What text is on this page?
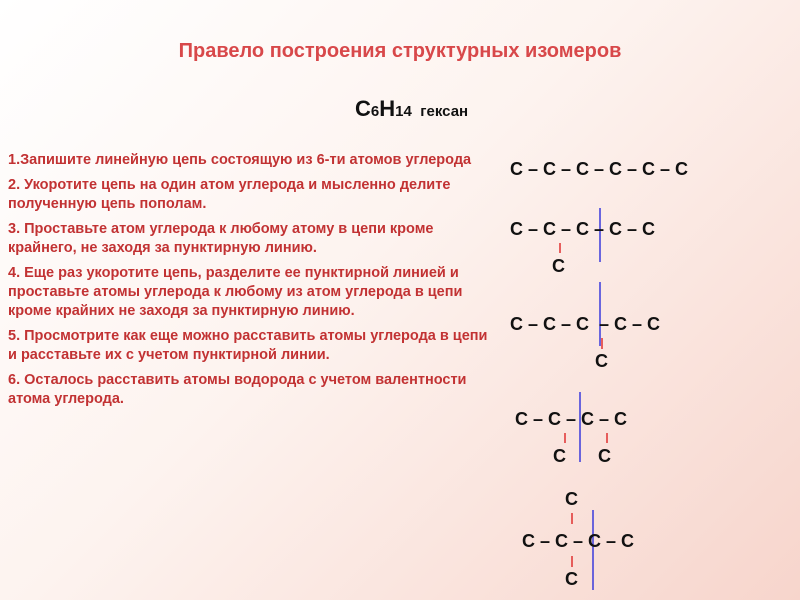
Правело построения структурных изомеров
C6H14 гексан

1.Запишите линейную цепь состоящую из 6-ти атомов углерода

2. Укоротите цепь на один атом углерода и мысленно делите полученную цепь пополам.

3. Проставьте атом углерода к любому атому в цепи кроме крайнего, не заходя за пунктирную линию.

4. Еще раз укоротите цепь, разделите ее пунктирной линией и проставьте атомы углерода к любому из атом углерода в цепи кроме крайних не заходя за пунктирную линию.

5. Просмотрите как еще можно расставить атомы углерода в цепи и расставьте их с учетом пунктирной линии.

6. Осталось расставить атомы водорода с учетом валентности атома углерода.

C – C – C – C – C – C
C – C – C – C – C
C
C – C – C  – C – C
C
C – C – C – C
C C
C
C – C – C – C
C
